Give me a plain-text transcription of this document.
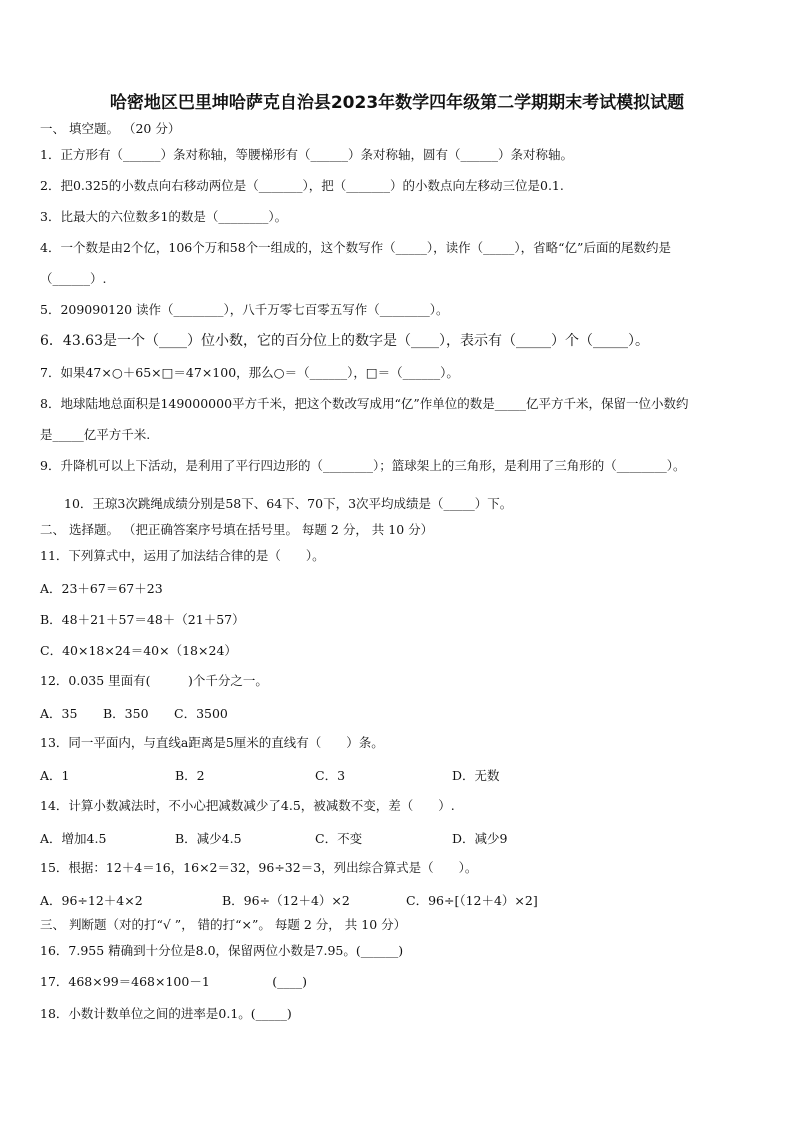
哈密地区巴里坤哈萨克自治县2023年数学四年级第二学期期末考试模拟试题
一、 填空题。 （20 分）
1．正方形有（______）条对称轴，等腰梯形有（______）条对称轴，圆有（______）条对称轴。
2．把0.325的小数点向右移动两位是（_______），把（_______）的小数点向左移动三位是0.1.
3．比最大的六位数多1的数是（________）。
4．一个数是由2个亿，106个万和58个一组成的，这个数写作（_____），读作（_____），省略“亿”后面的尾数约是
（______）.
5．209090120 读作（________），八千万零七百零五写作（________）。
6．43.63是一个（____）位小数，它的百分位上的数字是（____），表示有（_____）个（_____）。
7．如果47×○＋65×□＝47×100，那么○＝（______），□＝（______）。
8．地球陆地总面积是149000000平方千米，把这个数改写成用“亿”作单位的数是_____亿平方千米，保留一位小数约
是_____亿平方千米.
9．升降机可以上下活动，是利用了平行四边形的（________）；篮球架上的三角形，是利用了三角形的（________）。
10．王琼3次跳绳成绩分别是58下、64下、70下，3次平均成绩是（_____）下。
二、 选择题。 （把正确答案序号填在括号里。 每题 2 分， 共 10 分）
11．下列算式中，运用了加法结合律的是（　　）。
A．23＋67＝67＋23
B．48＋21＋57＝48＋（21＋57）
C．40×18×24＝40×（18×24）
12．0.035 里面有(　　　)个千分之一。
A．35 B．350 C．3500
13．同一平面内，与直线a距离是5厘米的直线有（　　）条。
A．1	B．2	C．3	D．无数
14．计算小数减法时，不小心把减数减少了4.5，被减数不变，差（　　）.
A．增加4.5	B．减少4.5	C．不变	D．减少9
15．根据：12＋4＝16，16×2＝32，96÷32＝3，列出综合算式是（　　）。
A．96÷12＋4×2	B．96÷（12＋4）×2	C．96÷[（12＋4）×2]
三、 判断题（对的打“√ ”， 错的打“×”。 每题 2 分， 共 10 分）
16．7.955 精确到十分位是8.0，保留两位小数是7.95。(______)
17．468×99＝468×100－1　　　　　(____)
18．小数计数单位之间的进率是0.1。(_____)
